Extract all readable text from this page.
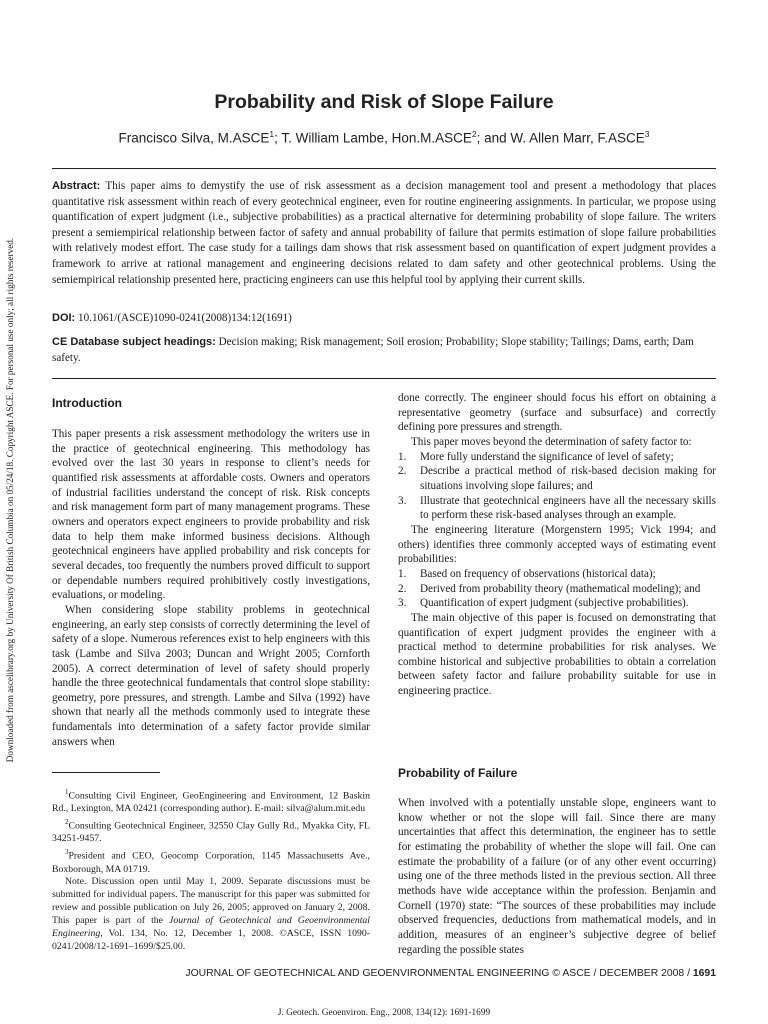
Downloaded from ascelibrary.org by University Of British Columbia on 05/24/18. Copyright ASCE. For personal use only; all rights reserved.
Probability and Risk of Slope Failure
Francisco Silva, M.ASCE$^1$; T. William Lambe, Hon.M.ASCE$^2$; and W. Allen Marr, F.ASCE$^3$

Abstract: This paper aims to demystify the use of risk assessment as a decision management tool and present a methodology that places quantitative risk assessment within reach of every geotechnical engineer, even for routine engineering assignments. In particular, we propose using quantification of expert judgment (i.e., subjective probabilities) as a practical alternative for determining probability of slope failure. The writers present a semiempirical relationship between factor of safety and annual probability of failure that permits estimation of slope failure probabilities with relatively modest effort. The case study for a tailings dam shows that risk assessment based on quantification of expert judgment provides a framework to arrive at rational management and engineering decisions related to dam safety and other geotechnical problems. Using the semiempirical relationship presented here, practicing engineers can use this helpful tool by applying their current skills.

DOI: 10.1061/(ASCE)1090-0241(2008)134:12(1691)

CE Database subject headings: Decision making; Risk management; Soil erosion; Probability; Slope stability; Tailings; Dams, earth; Dam safety.

Introduction

This paper presents a risk assessment methodology the writers use in the practice of geotechnical engineering. This methodology has evolved over the last 30 years in response to client’s needs for quantified risk assessments at affordable costs. Owners and operators of industrial facilities understand the concept of risk. Risk concepts and risk management form part of many management programs. These owners and operators expect engineers to provide probability and risk data to help them make informed business decisions. Although geotechnical engineers have applied probability and risk concepts for several decades, too frequently the numbers proved difficult to support or dependable numbers required prohibitively costly investigations, evaluations, or modeling.

When considering slope stability problems in geotechnical engineering, an early step consists of correctly determining the level of safety of a slope. Numerous references exist to help engineers with this task (Lambe and Silva 2003; Duncan and Wright 2005; Cornforth 2005). A correct determination of level of safety should properly handle the three geotechnical fundamentals that control slope stability: geometry, pore pressures, and strength. Lambe and Silva (1992) have shown that nearly all the methods commonly used to integrate these fundamentals into determination of a safety factor provide similar answers when

$^1$Consulting Civil Engineer, GeoEngineering and Environment, 12 Baskin Rd., Lexington, MA 02421 (corresponding author). E-mail: silva@alum.mit.edu

$^2$Consulting Geotechnical Engineer, 32550 Clay Gully Rd., Myakka City, FL 34251-9457.

$^3$President and CEO, Geocomp Corporation, 1145 Massachusetts Ave., Boxborough, MA 01719.

Note. Discussion open until May 1, 2009. Separate discussions must be submitted for individual papers. The manuscript for this paper was submitted for review and possible publication on July 26, 2005; approved on January 2, 2008. This paper is part of the Journal of Geotechnical and Geoenvironmental Engineering, Vol. 134, No. 12, December 1, 2008. ©ASCE, ISSN 1090-0241/2008/12-1691–1699/$25.00.

done correctly. The engineer should focus his effort on obtaining a representative geometry (surface and subsurface) and correctly defining pore pressures and strength.

This paper moves beyond the determination of safety factor to:

1.	More fully understand the significance of level of safety;
2.	Describe a practical method of risk-based decision making for situations involving slope failures; and
3.	Illustrate that geotechnical engineers have all the necessary skills to perform these risk-based analyses through an example.

The engineering literature (Morgenstern 1995; Vick 1994; and others) identifies three commonly accepted ways of estimating event probabilities:

1.	Based on frequency of observations (historical data);
2.	Derived from probability theory (mathematical modeling); and
3.	Quantification of expert judgment (subjective probabilities).

The main objective of this paper is focused on demonstrating that quantification of expert judgment provides the engineer with a practical method to determine probabilities for risk analyses. We combine historical and subjective probabilities to obtain a correlation between safety factor and failure probability suitable for use in engineering practice.

Probability of Failure

When involved with a potentially unstable slope, engineers want to know whether or not the slope will fail. Since there are many uncertainties that affect this determination, the engineer has to settle for estimating the probability of whether the slope will fail. One can estimate the probability of a failure (or of any other event occurring) using one of the three methods listed in the previous section. All three methods have wide acceptance within the profession. Benjamin and Cornell (1970) state: “The sources of these probabilities may include observed frequencies, deductions from mathematical models, and in addition, measures of an engineer’s subjective degree of belief regarding the possible states

JOURNAL OF GEOTECHNICAL AND GEOENVIRONMENTAL ENGINEERING © ASCE / DECEMBER 2008 / 1691
J. Geotech. Geoenviron. Eng., 2008, 134(12): 1691-1699
